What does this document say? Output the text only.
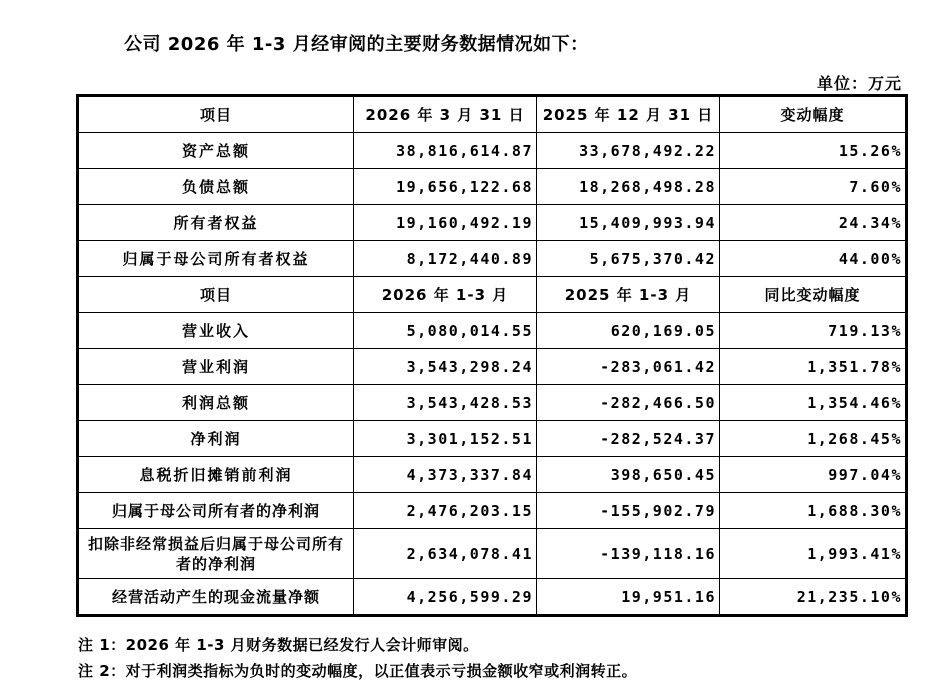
公司 2026 年 1-3 月经审阅的主要财务数据情况如下：
单位：万元
项目	2026 年 3 月 31 日	2025 年 12 月 31 日	变动幅度
资产总额	38,816,614.87	33,678,492.22	15.26%
负债总额	19,656,122.68	18,268,498.28	7.60%
所有者权益	19,160,492.19	15,409,993.94	24.34%
归属于母公司所有者权益	8,172,440.89	5,675,370.42	44.00%
项目	2026 年 1-3 月	2025 年 1-3 月	同比变动幅度
营业收入	5,080,014.55	620,169.05	719.13%
营业利润	3,543,298.24	-283,061.42	1,351.78%
利润总额	3,543,428.53	-282,466.50	1,354.46%
净利润	3,301,152.51	-282,524.37	1,268.45%
息税折旧摊销前利润	4,373,337.84	398,650.45	997.04%
归属于母公司所有者的净利润	2,476,203.15	-155,902.79	1,688.30%
扣除非经常损益后归属于母公司所有者的净利润	2,634,078.41	-139,118.16	1,993.41%
经营活动产生的现金流量净额	4,256,599.29	19,951.16	21,235.10%
注 1：2026 年 1-3 月财务数据已经发行人会计师审阅。
注 2：对于利润类指标为负时的变动幅度，以正值表示亏损金额收窄或利润转正。
